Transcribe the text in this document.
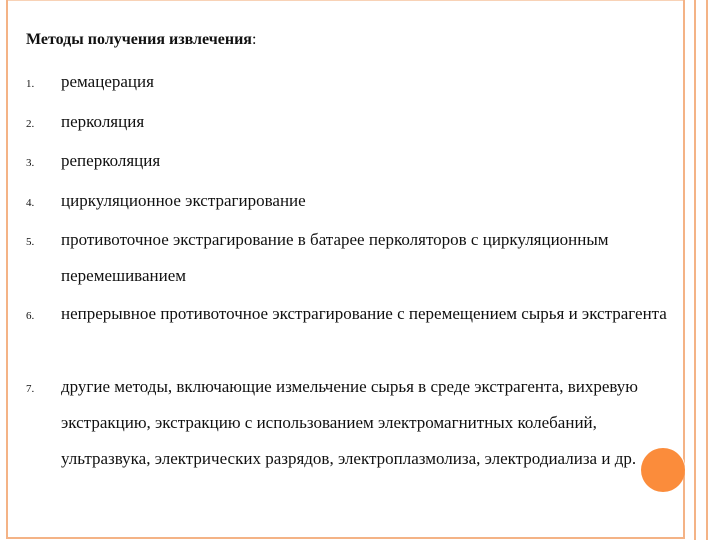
Методы получения извлечения:
1. ремацерация
2. перколяция
3. реперколяция
4. циркуляционное экстрагирование
5. противоточное экстрагирование в батарее перколяторов с циркуляционным перемешиванием
6. непрерывное противоточное экстрагирование с перемещением сырья и экстрагента
7. другие методы, включающие измельчение сырья в среде экстрагента, вихревую экстракцию, экстракцию с использованием электромагнитных колебаний, ультразвука, электрических разрядов, электроплазмолиза, электродиализа и др.
